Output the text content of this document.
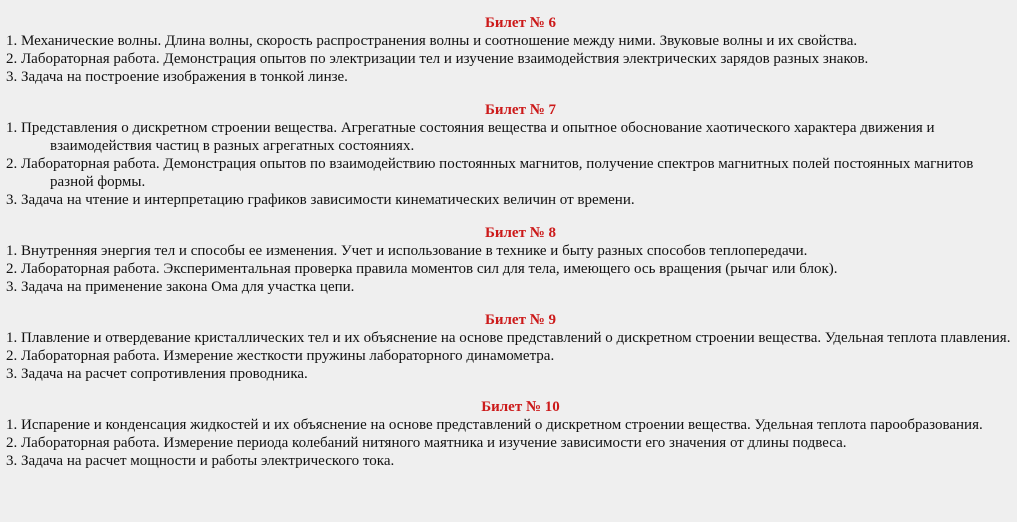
Билет № 6

1. Механические волны. Длина волны, скорость распространения волны и соотношение между ними. Звуковые волны и их свойства.

2. Лабораторная работа. Демонстрация опытов по электризации тел и изучение взаимодействия электрических зарядов разных знаков.

3. Задача на построение изображения в тонкой линзе.

Билет № 7

1. Представления о дискретном строении вещества. Агрегатные состояния вещества и опытное обоснование хаотического характера движения и взаимодействия частиц в разных агрегатных состояниях.

2. Лабораторная работа. Демонстрация опытов по взаимодействию постоянных магнитов, получение спектров магнитных полей постоянных магнитов разной формы.

3. Задача на чтение и интерпретацию графиков зависимости кинематических величин от времени.

Билет № 8

1. Внутренняя энергия тел и способы ее изменения. Учет и использование в технике и быту разных способов теплопередачи.

2. Лабораторная работа. Экспериментальная проверка правила моментов сил для тела, имеющего ось вращения (рычаг или блок).

3. Задача на применение закона Ома для участка цепи.

Билет № 9

1. Плавление и отвердевание кристаллических тел и их объяснение на основе представлений о дискретном строении вещества. Удельная теплота плавления.

2. Лабораторная работа. Измерение жесткости пружины лабораторного динамометра.

3. Задача на расчет сопротивления проводника.

Билет № 10

1. Испарение и конденсация жидкостей и их объяснение на основе представлений о дискретном строении вещества. Удельная теплота парообразования.

2. Лабораторная работа. Измерение периода колебаний нитяного маятника и изучение зависимости его значения от длины подвеса.

3. Задача на расчет мощности и работы электрического тока.
